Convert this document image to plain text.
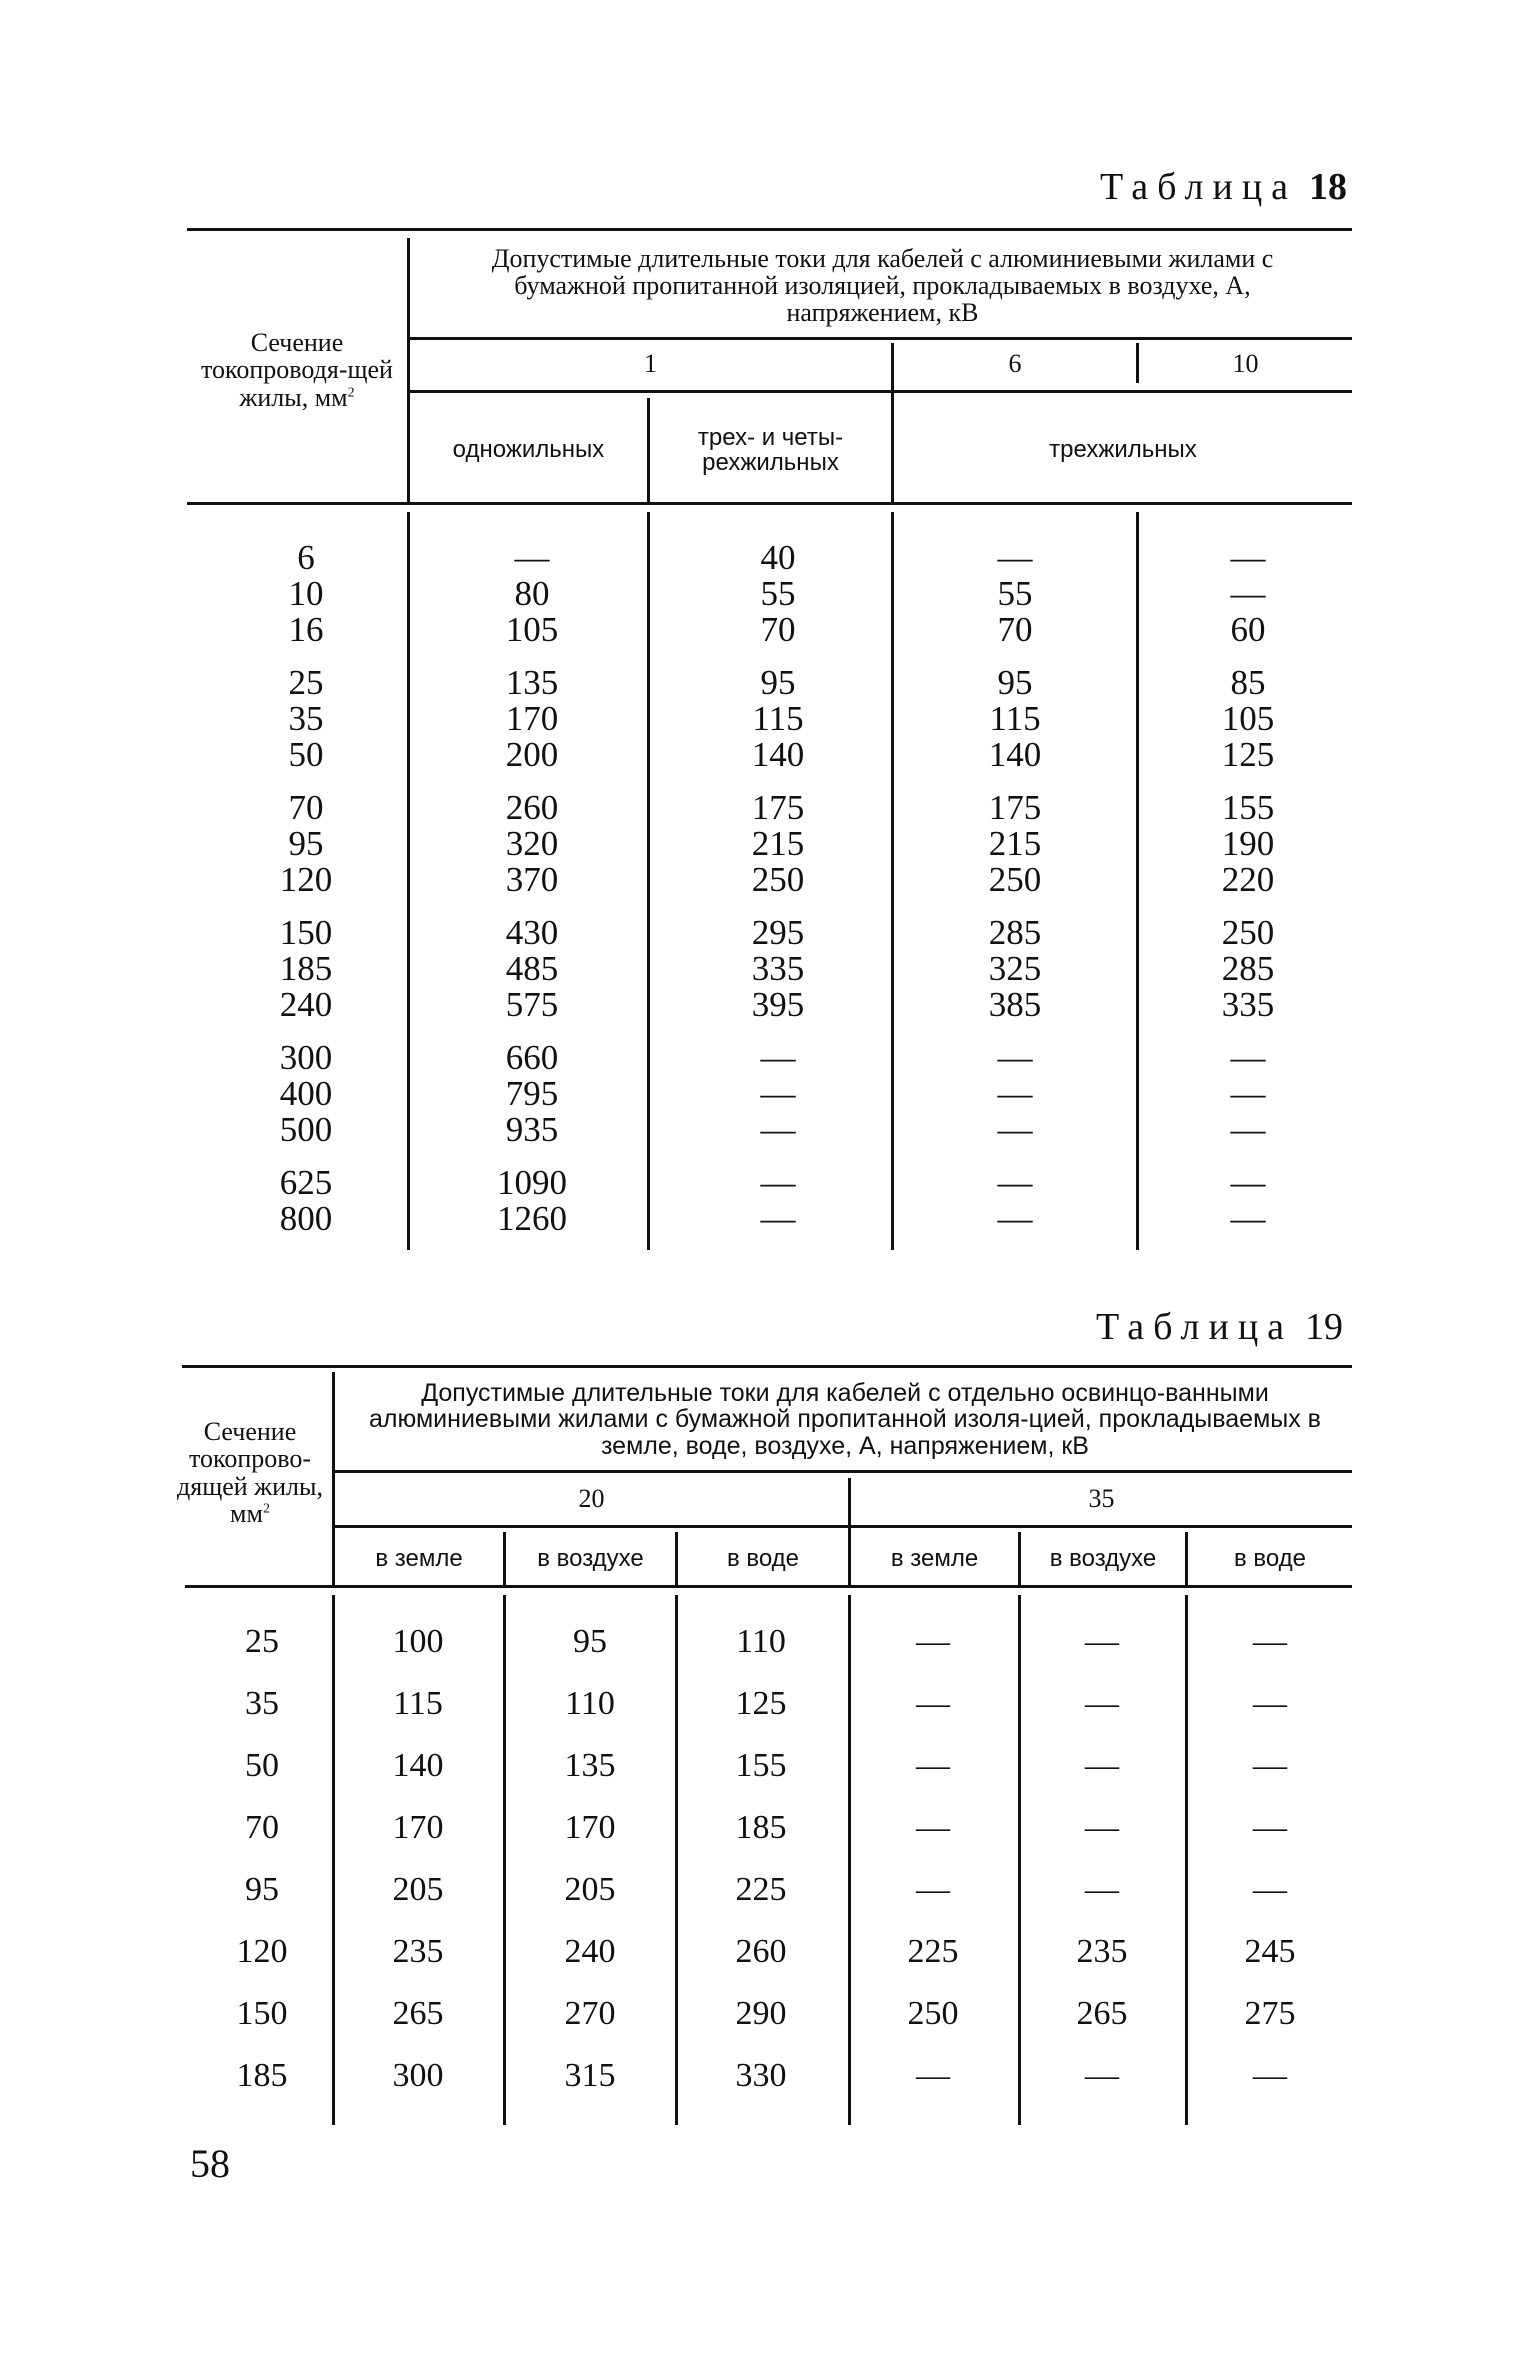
Таблица 18
Сечение токопроводя-щей жилы, $мм^2$
Допустимые длительные токи для кабелей с алюминиевыми жилами с бумажной пропитанной изоляцией, прокладываемых в воздухе, А, напряжением, кВ
1	6	10
одножильных	трех- и четы-рехжильных	трехжильных
6	—	40	—	—
10	80	55	55	—
16	105	70	70	60
25	135	95	95	85
35	170	115	115	105
50	200	140	140	125
70	260	175	175	155
95	320	215	215	190
120	370	250	250	220
150	430	295	285	250
185	485	335	325	285
240	575	395	385	335
300	660	—	—	—
400	795	—	—	—
500	935	—	—	—
625	1090	—	—	—
800	1260	—	—	—
Таблица 19
Сечение токопрово-дящей жилы, $мм^2$
Допустимые длительные токи для кабелей с отдельно освинцо-ванными алюминиевыми жилами с бумажной пропитанной изоля-цией, прокладываемых в земле, воде, воздухе, А, напряжением, кВ
20	35
в земле	в воздухе	в воде	в земле	в воздухе	в воде
25	100	95	110	—	—	—
35	115	110	125	—	—	—
50	140	135	155	—	—	—
70	170	170	185	—	—	—
95	205	205	225	—	—	—
120	235	240	260	225	235	245
150	265	270	290	250	265	275
185	300	315	330	—	—	—
58
